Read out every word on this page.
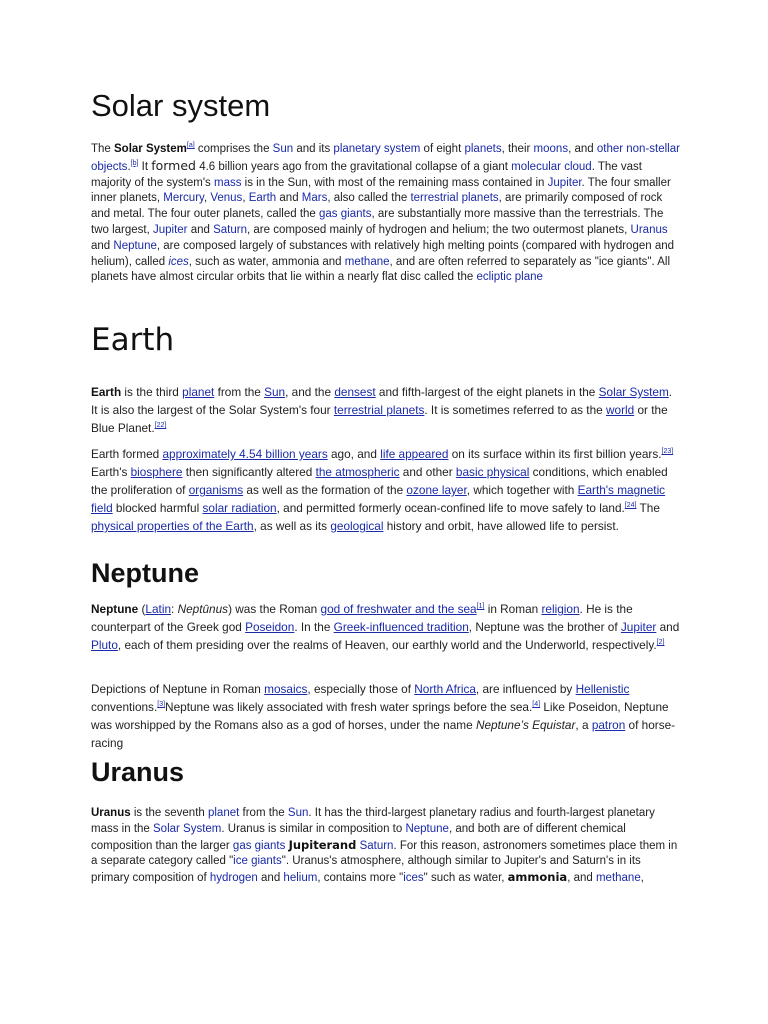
Solar system

The Solar System[a] comprises the Sun and its planetary system of eight planets, their moons, and other non-stellar objects.[b] It formed 4.6 billion years ago from the gravitational collapse of a giant molecular cloud. The vast majority of the system's mass is in the Sun, with most of the remaining mass contained in Jupiter. The four smaller inner planets, Mercury, Venus, Earth and Mars, also called the terrestrial planets, are primarily composed of rock and metal. The four outer planets, called the gas giants, are substantially more massive than the terrestrials. The two largest, Jupiter and Saturn, are composed mainly of hydrogen and helium; the two outermost planets, Uranus and Neptune, are composed largely of substances with relatively high melting points (compared with hydrogen and helium), called ices, such as water, ammonia and methane, and are often referred to separately as "ice giants". All planets have almost circular orbits that lie within a nearly flat disc called the ecliptic plane

Earth

Earth is the third planet from the Sun, and the densest and fifth-largest of the eight planets in the Solar System. It is also the largest of the Solar System's four terrestrial planets. It is sometimes referred to as the world or the Blue Planet.[22]

Earth formed approximately 4.54 billion years ago, and life appeared on its surface within its first billion years.[23] Earth's biosphere then significantly altered the atmospheric and other basic physical conditions, which enabled the proliferation of organisms as well as the formation of the ozone layer, which together with Earth's magnetic field blocked harmful solar radiation, and permitted formerly ocean-confined life to move safely to land.[24] The physical properties of the Earth, as well as its geological history and orbit, have allowed life to persist.

Neptune

Neptune (Latin: Neptūnus) was the Roman god of freshwater and the sea[1] in Roman religion. He is the counterpart of the Greek god Poseidon. In the Greek-influenced tradition, Neptune was the brother of Jupiter and Pluto, each of them presiding over the realms of Heaven, our earthly world and the Underworld, respectively.[2]

Depictions of Neptune in Roman mosaics, especially those of North Africa, are influenced by Hellenistic conventions.[3]Neptune was likely associated with fresh water springs before the sea.[4] Like Poseidon, Neptune was worshipped by the Romans also as a god of horses, under the name Neptune’s Equistar, a patron of horse-racing

Uranus

Uranus is the seventh planet from the Sun. It has the third-largest planetary radius and fourth-largest planetary mass in the Solar System. Uranus is similar in composition to Neptune, and both are of different chemical composition than the larger gas giants Jupiterand Saturn. For this reason, astronomers sometimes place them in a separate category called "ice giants". Uranus's atmosphere, although similar to Jupiter's and Saturn's in its primary composition of hydrogen and helium, contains more "ices" such as water, ammonia, and methane,
